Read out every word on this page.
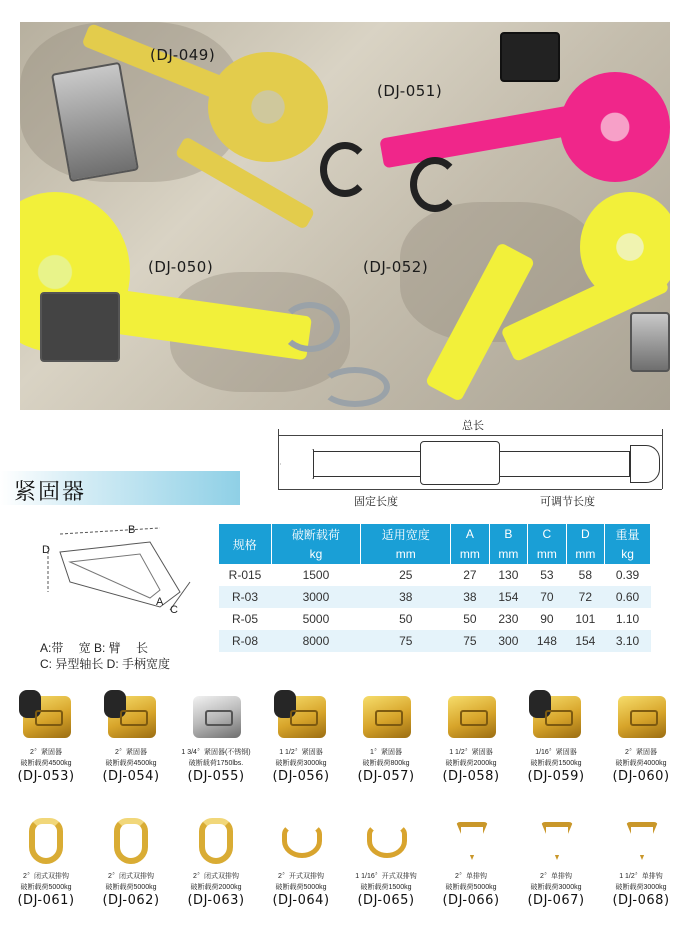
(DJ-049)
(DJ-051)
(DJ-050)	(DJ-052)
总长
固定长度	可调节长度
紧固器
D
B
A
C
A:带　 宽 B: 臂　 长
C: 异型轴长 D: 手柄宽度
规格	破断载荷	适用宽度	A	B	C	D	重量
	kg	mm	mm	mm	mm	mm	kg
R-015	1500	25	27	130	53	58	0.39
R-03	3000	38	38	154	70	72	0.60
R-05	5000	50	50	230	90	101	1.10
R-08	8000	75	75	300	148	154	3.10
2〞紧固器
破断载荷4500kg
(DJ-053)
2〞紧固器
破断载荷4500kg
(DJ-054)
1 3/4〞紧固器(不锈钢)
破断载荷1750lbs.
(DJ-055)
1 1/2〞紧固器
破断载荷3000kg
(DJ-056)
1〞紧固器
破断载荷800kg
(DJ-057)
1 1/2〞紧固器
破断载荷2000kg
(DJ-058)
1/16〞紧固器
破断载荷1500kg
(DJ-059)
2〞紧固器
破断载荷4000kg
(DJ-060)
2〞闭式双排钩
破断载荷5000kg
(DJ-061)
2〞闭式双排钩
破断载荷5000kg
(DJ-062)
2〞闭式双排钩
破断载荷2000kg
(DJ-063)
2〞开式双排钩
破断载荷5000kg
(DJ-064)
1 1/16〞开式双排钩
破断载荷1500kg
(DJ-065)
2〞单排钩
破断载荷5000kg
(DJ-066)
2〞单排钩
破断载荷3000kg
(DJ-067)
1 1/2〞单排钩
破断载荷3000kg
(DJ-068)
